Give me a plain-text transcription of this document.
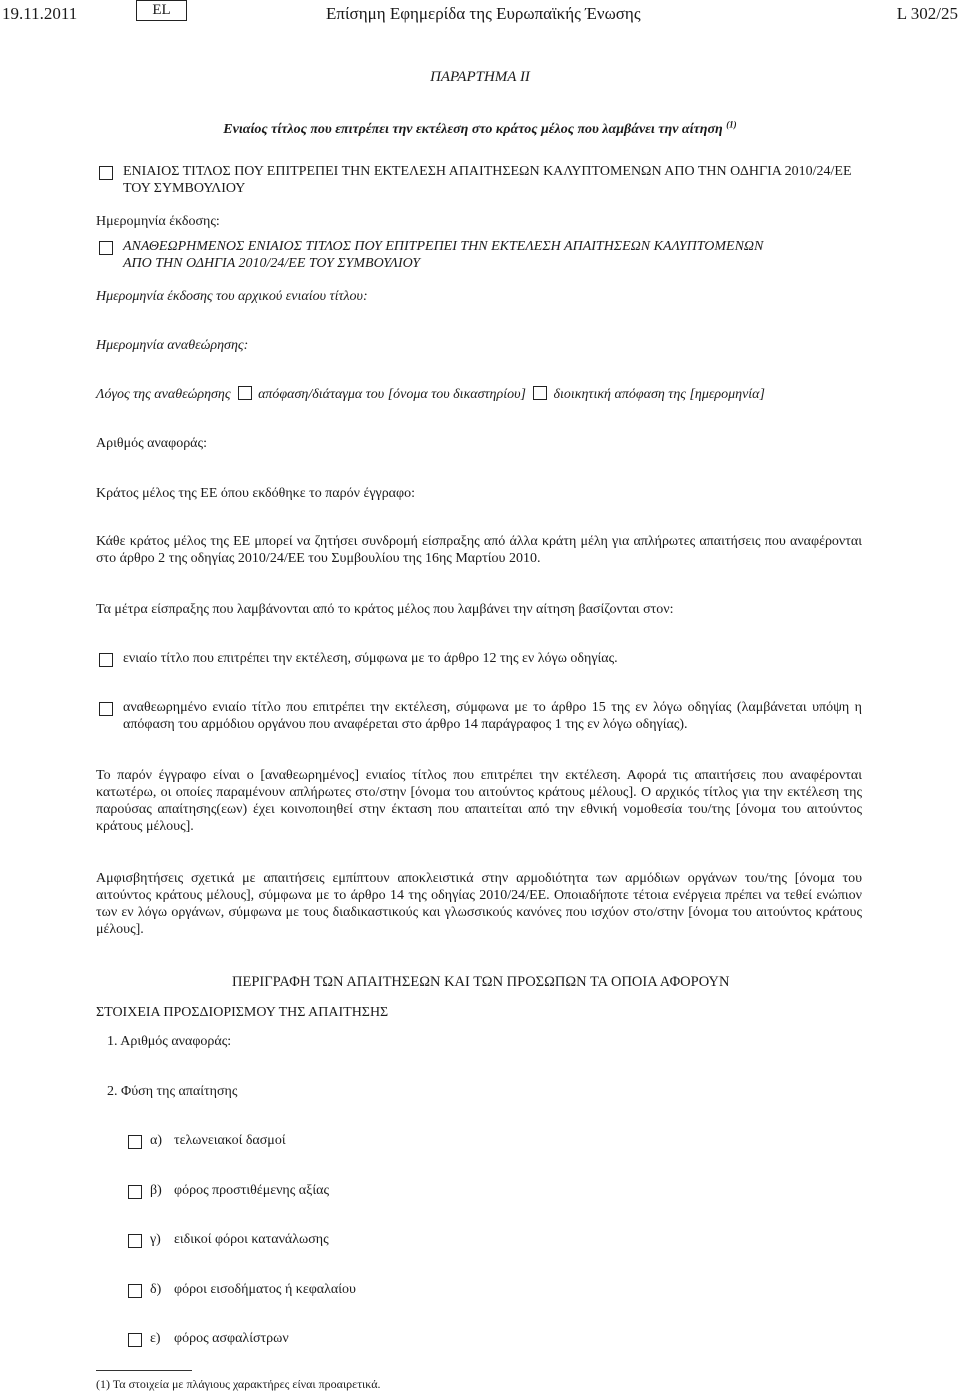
19.11.2011	EL	Επίσημη Εφημερίδα της Ευρωπαϊκής Ένωσης	L 302/25
ΠΑΡΑΡΤΗΜΑ II
Ενιαίος τίτλος που επιτρέπει την εκτέλεση στο κράτος μέλος που λαμβάνει την αίτηση $^{(1)}$
ΕΝΙΑΙΟΣ ΤΙΤΛΟΣ ΠΟΥ ΕΠΙΤΡΕΠΕΙ ΤΗΝ ΕΚΤΕΛΕΣΗ ΑΠΑΙΤΗΣΕΩΝ ΚΑΛΥΠΤΟΜΕΝΩΝ ΑΠΟ ΤΗΝ ΟΔΗΓΙΑ 2010/24/ΕΕ
ΤΟΥ ΣΥΜΒΟΥΛΙΟΥ
Ημερομηνία έκδοσης:
ΑΝΑΘΕΩΡΗΜΕΝΟΣ ΕΝΙΑΙΟΣ ΤΙΤΛΟΣ ΠΟΥ ΕΠΙΤΡΕΠΕΙ ΤΗΝ ΕΚΤΕΛΕΣΗ ΑΠΑΙΤΗΣΕΩΝ ΚΑΛΥΠΤΟΜΕΝΩΝ
ΑΠΟ ΤΗΝ ΟΔΗΓΙΑ 2010/24/ΕΕ ΤΟΥ ΣΥΜΒΟΥΛΙΟΥ
Ημερομηνία έκδοσης του αρχικού ενιαίου τίτλου:
Ημερομηνία αναθεώρησης:
Λόγος της αναθεώρησης απόφαση/διάταγμα του [όνομα του δικαστηρίου] διοικητική απόφαση της [ημερομηνία]
Αριθμός αναφοράς:
Κράτος μέλος της ΕΕ όπου εκδόθηκε το παρόν έγγραφο:
Κάθε κράτος μέλος της ΕΕ μπορεί να ζητήσει συνδρομή είσπραξης από άλλα κράτη μέλη για απλήρωτες απαιτήσεις που αναφέρονται στο άρθρο 2 της οδηγίας 2010/24/ΕΕ του Συμβουλίου της 16ης Μαρτίου 2010.
Τα μέτρα είσπραξης που λαμβάνονται από το κράτος μέλος που λαμβάνει την αίτηση βασίζονται στον:
ενιαίο τίτλο που επιτρέπει την εκτέλεση, σύμφωνα με το άρθρο 12 της εν λόγω οδηγίας.
αναθεωρημένο ενιαίο τίτλο που επιτρέπει την εκτέλεση, σύμφωνα με το άρθρο 15 της εν λόγω οδηγίας (λαμβάνεται υπόψη η απόφαση του αρμόδιου οργάνου που αναφέρεται στο άρθρο 14 παράγραφος 1 της εν λόγω οδηγίας).
Το παρόν έγγραφο είναι ο [αναθεωρημένος] ενιαίος τίτλος που επιτρέπει την εκτέλεση. Αφορά τις απαιτήσεις που αναφέρονται κατωτέρω, οι οποίες παραμένουν απλήρωτες στο/στην [όνομα του αιτούντος κράτους μέλους]. Ο αρχικός τίτλος για την εκτέλεση της παρούσας απαίτησης(εων) έχει κοινοποιηθεί στην έκταση που απαιτείται από την εθνική νομοθεσία του/της [όνομα του αιτούντος κράτους μέλους].
Αμφισβητήσεις σχετικά με απαιτήσεις εμπίπτουν αποκλειστικά στην αρμοδιότητα των αρμόδιων οργάνων του/της [όνομα του αιτούντος κράτους μέλους], σύμφωνα με το άρθρο 14 της οδηγίας 2010/24/ΕΕ. Οποιαδήποτε τέτοια ενέργεια πρέπει να τεθεί ενώπιον των εν λόγω οργάνων, σύμφωνα με τους διαδικαστικούς και γλωσσικούς κανόνες που ισχύον στο/στην [όνομα του αιτούντος κράτους μέλους].
ΠΕΡΙΓΡΑΦΗ ΤΩΝ ΑΠΑΙΤΗΣΕΩΝ ΚΑΙ ΤΩΝ ΠΡΟΣΩΠΩΝ ΤΑ ΟΠΟΙΑ ΑΦΟΡΟΥΝ
ΣΤΟΙΧΕΙΑ ΠΡΟΣΔΙΟΡΙΣΜΟΥ ΤΗΣ ΑΠΑΙΤΗΣΗΣ
1. Αριθμός αναφοράς:
2. Φύση της απαίτησης
α) τελωνειακοί δασμοί
β) φόρος προστιθέμενης αξίας
γ) ειδικοί φόροι κατανάλωσης
δ) φόροι εισοδήματος ή κεφαλαίου
ε) φόρος ασφαλίστρων
(1) Τα στοιχεία με πλάγιους χαρακτήρες είναι προαιρετικά.
